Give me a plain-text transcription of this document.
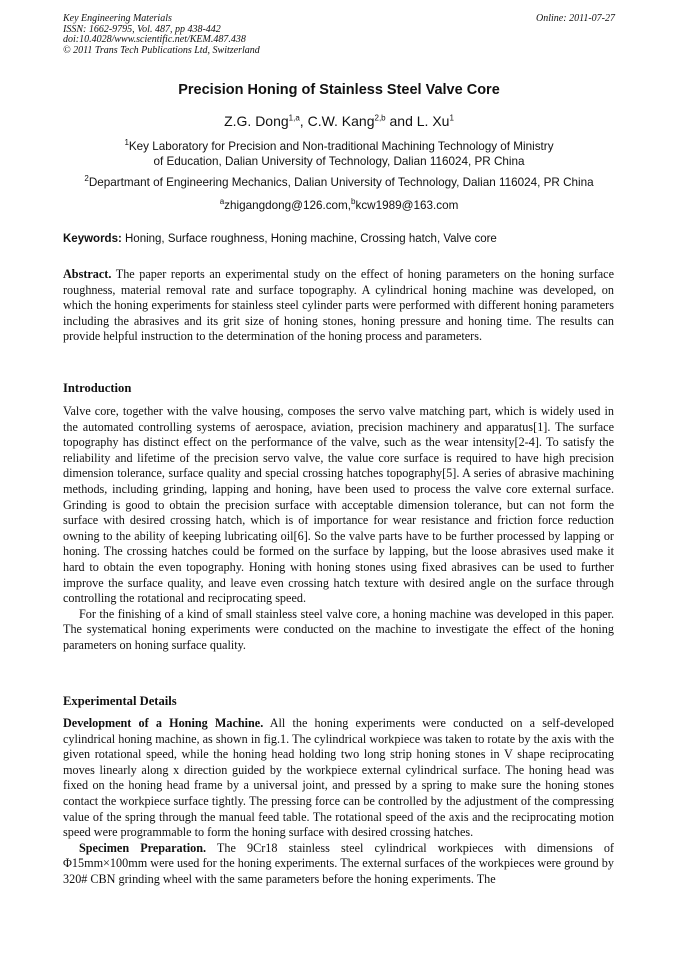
Key Engineering Materials
ISSN: 1662-9795, Vol. 487, pp 438-442
doi:10.4028/www.scientific.net/KEM.487.438
© 2011 Trans Tech Publications Ltd, Switzerland
Online: 2011-07-27
Precision Honing of Stainless Steel Valve Core
Z.G. Dong$^{1,a}$, C.W. Kang$^{2,b}$ and L. Xu$^1$
$^1$Key Laboratory for Precision and Non-traditional Machining Technology of Ministry
of Education, Dalian University of Technology, Dalian 116024, PR China
$^2$Departmant of Engineering Mechanics, Dalian University of Technology, Dalian 116024, PR China
$^a$zhigangdong@126.com,$^b$kcw1989@163.com
Keywords: Honing, Surface roughness, Honing machine, Crossing hatch, Valve core

Abstract. The paper reports an experimental study on the effect of honing parameters on the honing surface roughness, material removal rate and surface topography. A cylindrical honing machine was developed, on which the honing experiments for stainless steel cylinder parts were performed with different honing parameters including the abrasives and its grit size of honing stones, honing pressure and honing time. The results can provide helpful instruction to the determination of the honing process and parameters.

Introduction

Valve core, together with the valve housing, composes the servo valve matching part, which is widely used in the automated controlling systems of aerospace, aviation, precision machinery and apparatus[1]. The surface topography has distinct effect on the performance of the valve, such as the wear intensity[2-4]. To satisfy the reliability and lifetime of the precision servo valve, the value core surface is required to have high precision dimension tolerance, surface quality and special crossing hatches topography[5]. A series of abrasive machining methods, including grinding, lapping and honing, have been used to process the valve core external surface. Grinding is good to obtain the precision surface with acceptable dimension tolerance, but can not form the surface with desired crossing hatch, which is of importance for wear resistance and friction force reduction owning to the ability of keeping lubricating oil[6]. So the valve parts have to be further processed by lapping or honing. The crossing hatches could be formed on the surface by lapping, but the loose abrasives used make it hard to obtain the even topography. Honing with honing stones using fixed abrasives can be used to further improve the surface quality, and leave even crossing hatch texture with desired angle on the surface through controlling the rotational and reciprocating speed.

For the finishing of a kind of small stainless steel valve core, a honing machine was developed in this paper. The systematical honing experiments were conducted on the machine to investigate the effect of the honing parameters on honing surface quality.

Experimental Details

Development of a Honing Machine. All the honing experiments were conducted on a self-developed cylindrical honing machine, as shown in fig.1. The cylindrical workpiece was taken to rotate by the axis with the given rotational speed, while the honing head holding two long strip honing stones in V shape reciprocating moves linearly along x direction guided by the workpiece external cylindrical surface. The honing head was fixed on the honing head frame by a universal joint, and pressed by a spring to make sure the honing stones contact the workpiece surface tightly. The pressing force can be controlled by the adjustment of the compressing value of the spring through the manual feed table. The rotational speed of the axis and the reciprocating motion speed were programmable to form the honing surface with desired crossing hatches.

Specimen Preparation. The 9Cr18 stainless steel cylindrical workpieces with dimensions of Φ15mm×100mm were used for the honing experiments. The external surfaces of the workpieces were ground by 320# CBN grinding wheel with the same parameters before the honing experiments. The
